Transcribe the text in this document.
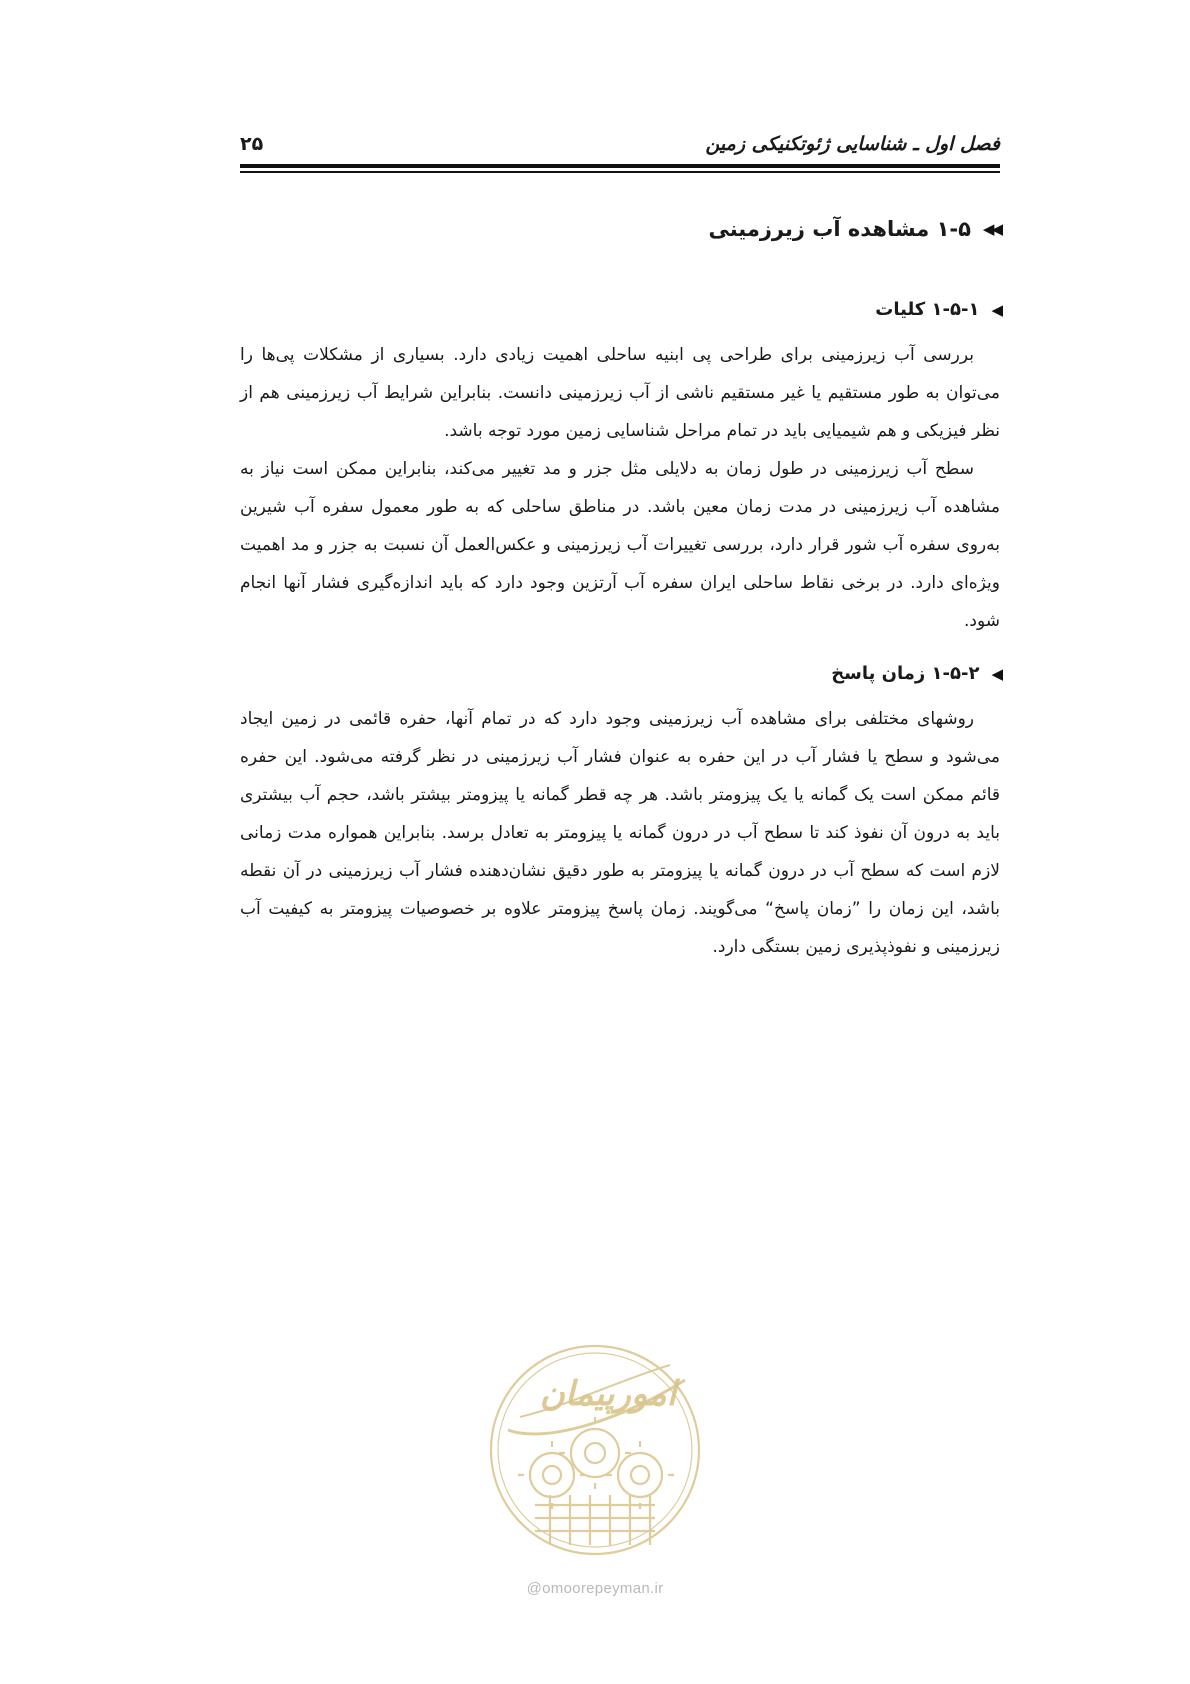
فصل اول ـ شناسایی ژئوتکنیکی زمین
۲۵
◀◀
۱-۵ مشاهده آب زیرزمینی
◀
۱-۵-۱ کلیات

بررسی آب زیرزمینی برای طراحی پی ابنیه ساحلی اهمیت زیادی دارد. بسیاری از مشکلات پی‌ها را می‌توان به طور مستقیم یا غیر مستقیم ناشی از آب زیرزمینی دانست. بنابراین شرایط آب زیرزمینی هم از نظر فیزیکی و هم شیمیایی باید در تمام مراحل شناسایی زمین مورد توجه باشد.

سطح آب زیرزمینی در طول زمان به دلایلی مثل جزر و مد تغییر می‌کند، بنابراین ممکن است نیاز به مشاهده آب زیرزمینی در مدت زمان معین باشد. در مناطق ساحلی که به طور معمول سفره آب شیرین به‌روی سفره آب شور قرار دارد، بررسی تغییرات آب زیرزمینی و عکس‌العمل آن نسبت به جزر و مد اهمیت ویژه‌ای دارد. در برخی نقاط ساحلی ایران سفره آب آرتزین وجود دارد که باید اندازه‌گیری فشار آنها انجام شود.

◀
۱-۵-۲ زمان پاسخ

روشهای مختلفی برای مشاهده آب زیرزمینی وجود دارد که در تمام آنها، حفره قائمی در زمین ایجاد می‌شود و سطح یا فشار آب در این حفره به عنوان فشار آب زیرزمینی در نظر گرفته می‌شود. این حفره قائم ممکن است یک گمانه یا یک پیزومتر باشد. هر چه قطر گمانه یا پیزومتر بیشتر باشد، حجم آب بیشتری باید به درون آن نفوذ کند تا سطح آب در درون گمانه یا پیزومتر به تعادل برسد. بنابراین همواره مدت زمانی لازم است که سطح آب در درون گمانه یا پیزومتر به طور دقیق نشان‌دهنده فشار آب زیرزمینی در آن نقطه باشد، این زمان را ”زمان پاسخ“ می‌گویند. زمان پاسخ پیزومتر علاوه بر خصوصیات پیزومتر به کیفیت آب زیرزمینی و نفوذپذیری زمین بستگی دارد.

امورپیمان
@omoorepeyman.ir
